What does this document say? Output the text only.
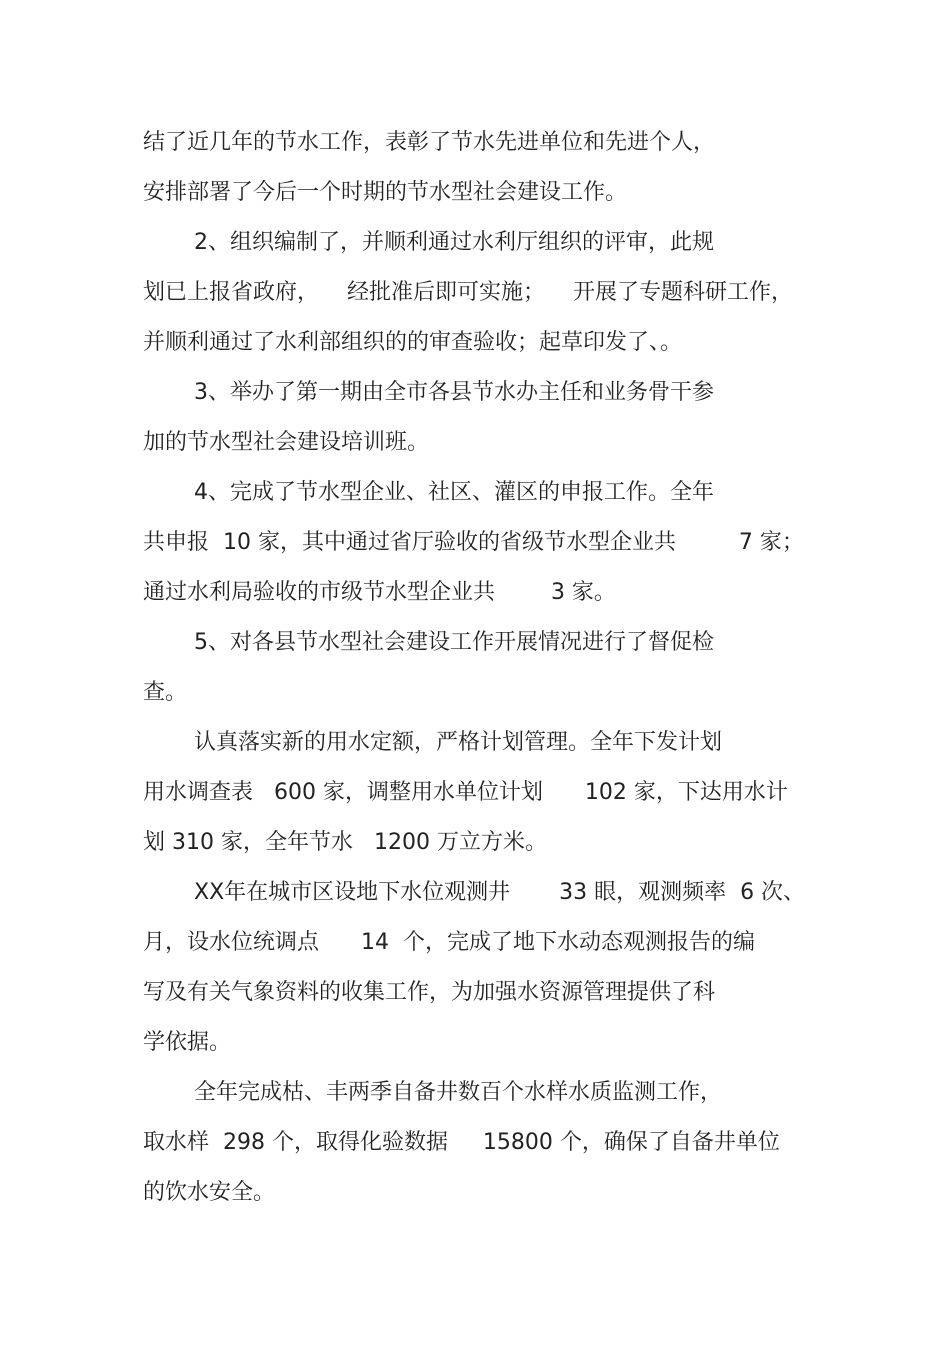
结了近几年的节水工作，表彰了节水先进单位和先进个人，

安排部署了今后一个时期的节水型社会建设工作。

2、组织编制了，并顺利通过水利厅组织的评审，此规

划已上报省政府，    经批准后即可实施；    开展了专题科研工作，

并顺利通过了水利部组织的的审查验收；起草印发了、。

3、举办了第一期由全市各县节水办主任和业务骨干参

加的节水型社会建设培训班。

4、完成了节水型企业、社区、灌区的申报工作。全年

共申报  10 家，其中通过省厅验收的省级节水型企业共         7 家；

通过水利局验收的市级节水型企业共        3 家。

5、对各县节水型社会建设工作开展情况进行了督促检

查。

认真落实新的用水定额，严格计划管理。全年下发计划

用水调查表   600 家，调整用水单位计划      102 家，下达用水计

划 310 家，全年节水   1200 万立方米。

XX年在城市区设地下水位观测井       33 眼，观测频率  6 次、

月，设水位统调点      14  个，完成了地下水动态观测报告的编

写及有关气象资料的收集工作，为加强水资源管理提供了科

学依据。

全年完成枯、丰两季自备井数百个水样水质监测工作，

取水样  298 个，取得化验数据     15800 个，确保了自备井单位

的饮水安全。
